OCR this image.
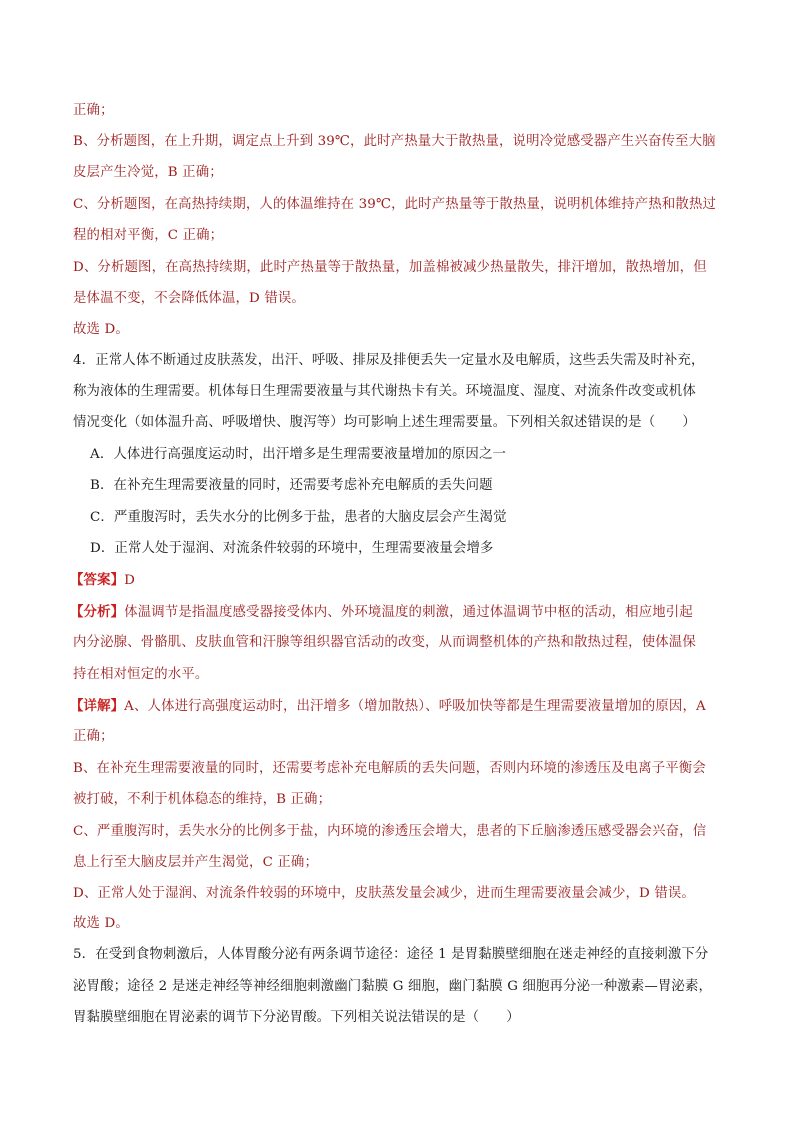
正确；

B、分析题图，在上升期，调定点上升到 39℃，此时产热量大于散热量，说明冷觉感受器产生兴奋传至大脑

皮层产生冷觉，B 正确；

C、分析题图，在高热持续期，人的体温维持在 39℃，此时产热量等于散热量，说明机体维持产热和散热过

程的相对平衡，C 正确；

D、分析题图，在高热持续期，此时产热量等于散热量，加盖棉被减少热量散失，排汗增加，散热增加，但

是体温不变，不会降低体温，D 错误。

故选 D。

4．正常人体不断通过皮肤蒸发，出汗、呼吸、排尿及排便丢失一定量水及电解质，这些丢失需及时补充，

称为液体的生理需要。机体每日生理需要液量与其代谢热卡有关。环境温度、湿度、对流条件改变或机体

情况变化（如体温升高、呼吸增快、腹泻等）均可影响上述生理需要量。下列相关叙述错误的是（　　）

A．人体进行高强度运动时，出汗增多是生理需要液量增加的原因之一

B．在补充生理需要液量的同时，还需要考虑补充电解质的丢失问题

C．严重腹泻时，丢失水分的比例多于盐，患者的大脑皮层会产生渴觉

D．正常人处于湿润、对流条件较弱的环境中，生理需要液量会增多

【答案】D

【分析】体温调节是指温度感受器接受体内、外环境温度的刺激，通过体温调节中枢的活动，相应地引起

内分泌腺、骨骼肌、皮肤血管和汗腺等组织器官活动的改变，从而调整机体的产热和散热过程，使体温保

持在相对恒定的水平。

【详解】A、人体进行高强度运动时，出汗增多（增加散热）、呼吸加快等都是生理需要液量增加的原因，A

正确；

B、在补充生理需要液量的同时，还需要考虑补充电解质的丢失问题，否则内环境的渗透压及电离子平衡会

被打破，不利于机体稳态的维持，B 正确；

C、严重腹泻时，丢失水分的比例多于盐，内环境的渗透压会增大，患者的下丘脑渗透压感受器会兴奋，信

息上行至大脑皮层并产生渴觉，C 正确；

D、正常人处于湿润、对流条件较弱的环境中，皮肤蒸发量会减少，进而生理需要液量会减少，D 错误。

故选 D。

5．在受到食物刺激后，人体胃酸分泌有两条调节途径：途径 1 是胃黏膜壁细胞在迷走神经的直接刺激下分

泌胃酸；途径 2 是迷走神经等神经细胞刺激幽门黏膜 G 细胞，幽门黏膜 G 细胞再分泌一种激素—胃泌素，

胃黏膜壁细胞在胃泌素的调节下分泌胃酸。下列相关说法错误的是（　　）
